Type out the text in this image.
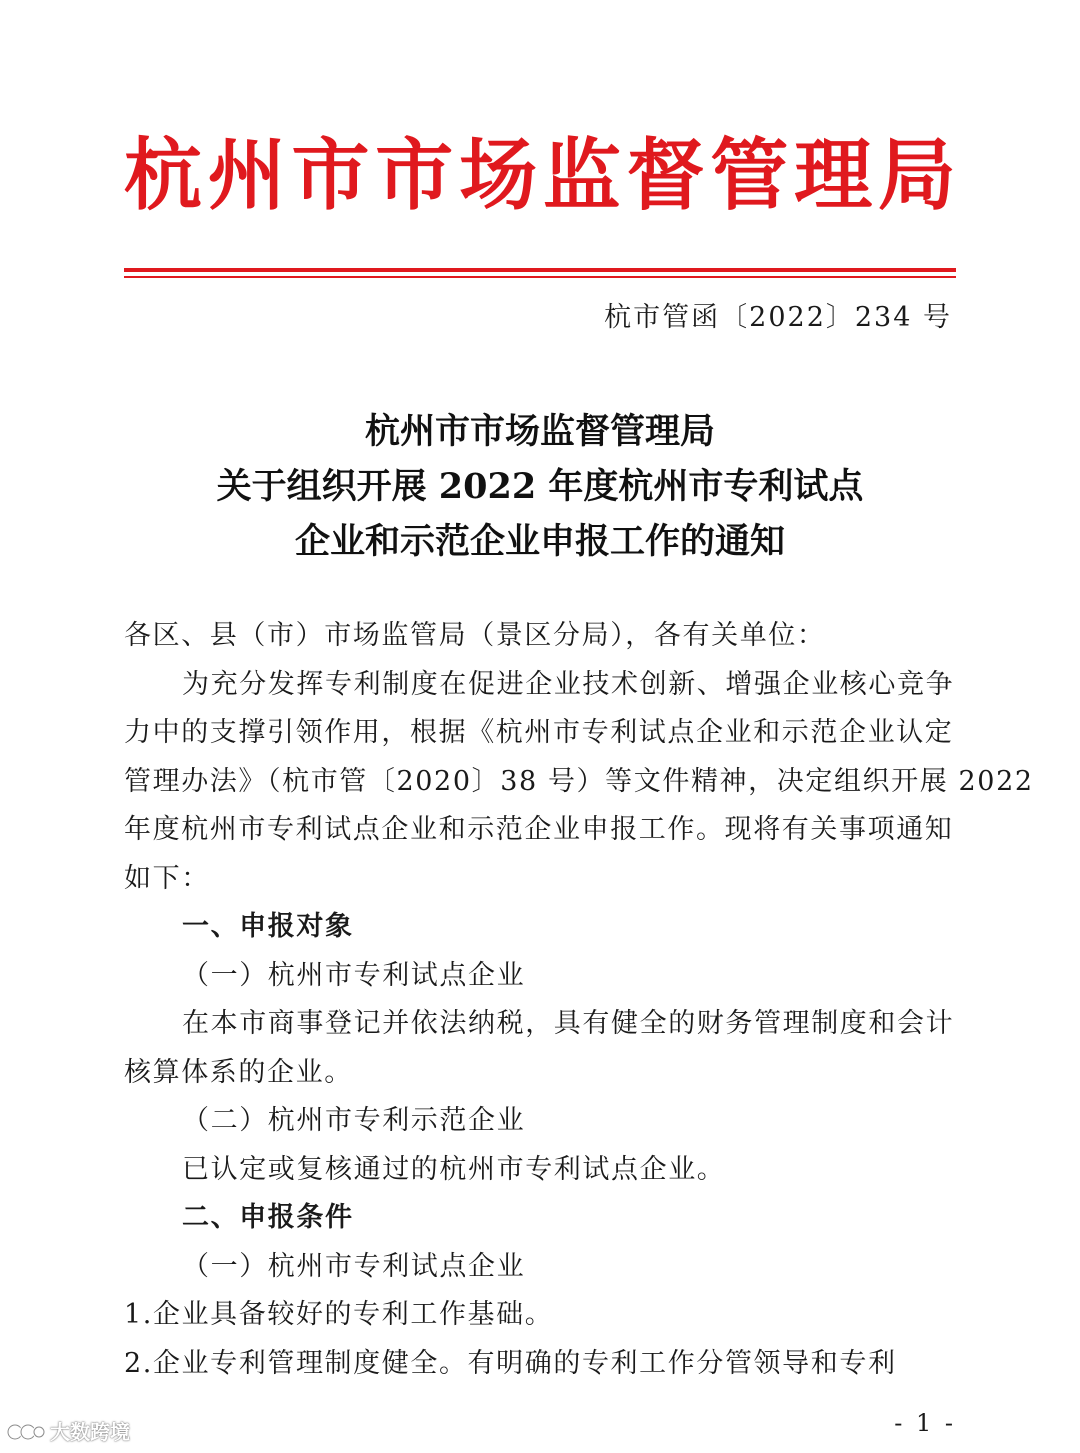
杭 州 市 市 场 监 督 管 理 局
杭市管函〔2022〕234 号
杭州市市场监督管理局
关于组织开展 2022 年度杭州市专利试点
企业和示范企业申报工作的通知

各区、县（市）市场监管局（景区分局），各有关单位：

为充分发挥专利制度在促进企业技术创新、增强企业核心竞争

力中的支撑引领作用，根据《杭州市专利试点企业和示范企业认定

管理办法》（杭市管〔2020〕38 号）等文件精神，决定组织开展 2022

年度杭州市专利试点企业和示范企业申报工作。现将有关事项通知

如下：

一、申报对象

（一）杭州市专利试点企业

在本市商事登记并依法纳税，具有健全的财务管理制度和会计

核算体系的企业。

（二）杭州市专利示范企业

已认定或复核通过的杭州市专利试点企业。

二、申报条件

（一）杭州市专利试点企业

1.企业具备较好的专利工作基础。

2.企业专利管理制度健全。有明确的专利工作分管领导和专利

- 1 -
大数跨境
